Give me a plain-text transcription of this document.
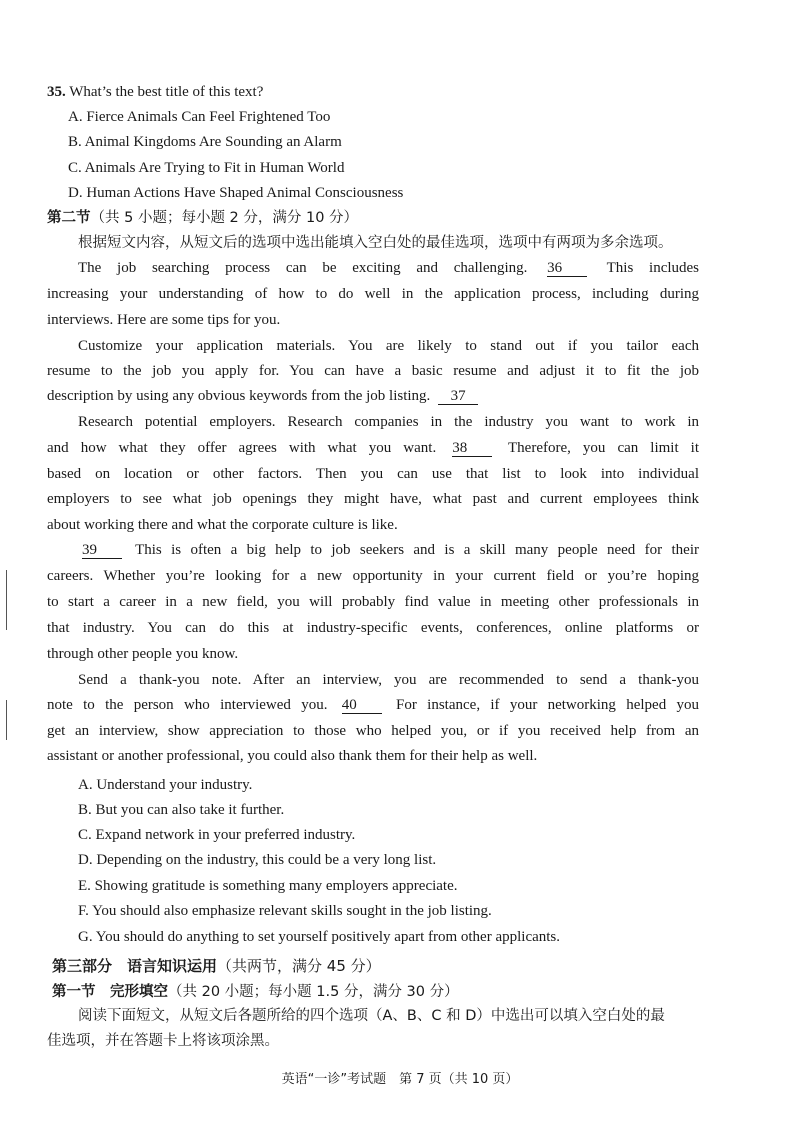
35. What’s the best title of this text?
A. Fierce Animals Can Feel Frightened Too
B. Animal Kingdoms Are Sounding an Alarm
C. Animals Are Trying to Fit in Human World
D. Human Actions Have Shaped Animal Consciousness
第二节（共 5 小题；每小题 2 分，满分 10 分）
根据短文内容，从短文后的选项中选出能填入空白处的最佳选项，选项中有两项为多余选项。
The job searching process can be exciting and challenging. 36	This includes
increasing your understanding of how to do well in the application process, including during
interviews. Here are some tips for you.
Customize your application materials. You are likely to stand out if you tailor each
resume to the job you apply for. You can have a basic resume and adjust it to fit the job
description by using any obvious keywords from the job listing. 37
Research potential employers. Research companies in the industry you want to work in
and how what they offer agrees with what you want. 38	Therefore, you can limit it
based on location or other factors. Then you can use that list to look into individual
employers to see what job openings they might have, what past and current employees think
about working there and what the corporate culture is like.
39	This is often a big help to job seekers and is a skill many people need for their
careers. Whether you’re looking for a new opportunity in your current field or you’re hoping
to start a career in a new field, you will probably find value in meeting other professionals in
that industry. You can do this at industry-specific events, conferences, online platforms or
through other people you know.
Send a thank-you note. After an interview, you are recommended to send a thank-you
note to the person who interviewed you. 40	For instance, if your networking helped you
get an interview, show appreciation to those who helped you, or if you received help from an
assistant or another professional, you could also thank them for their help as well.
A. Understand your industry.
B. But you can also take it further.
C. Expand network in your preferred industry.
D. Depending on the industry, this could be a very long list.
E. Showing gratitude is something many employers appreciate.
F. You should also emphasize relevant skills sought in the job listing.
G. You should do anything to set yourself positively apart from other applicants.
第三部分　语言知识运用（共两节，满分 45 分）
第一节　完形填空（共 20 小题；每小题 1.5 分，满分 30 分）
阅读下面短文，从短文后各题所给的四个选项（A、B、C 和 D）中选出可以填入空白处的最
佳选项，并在答题卡上将该项涂黑。
英语“一诊”考试题　第 7 页（共 10 页）
